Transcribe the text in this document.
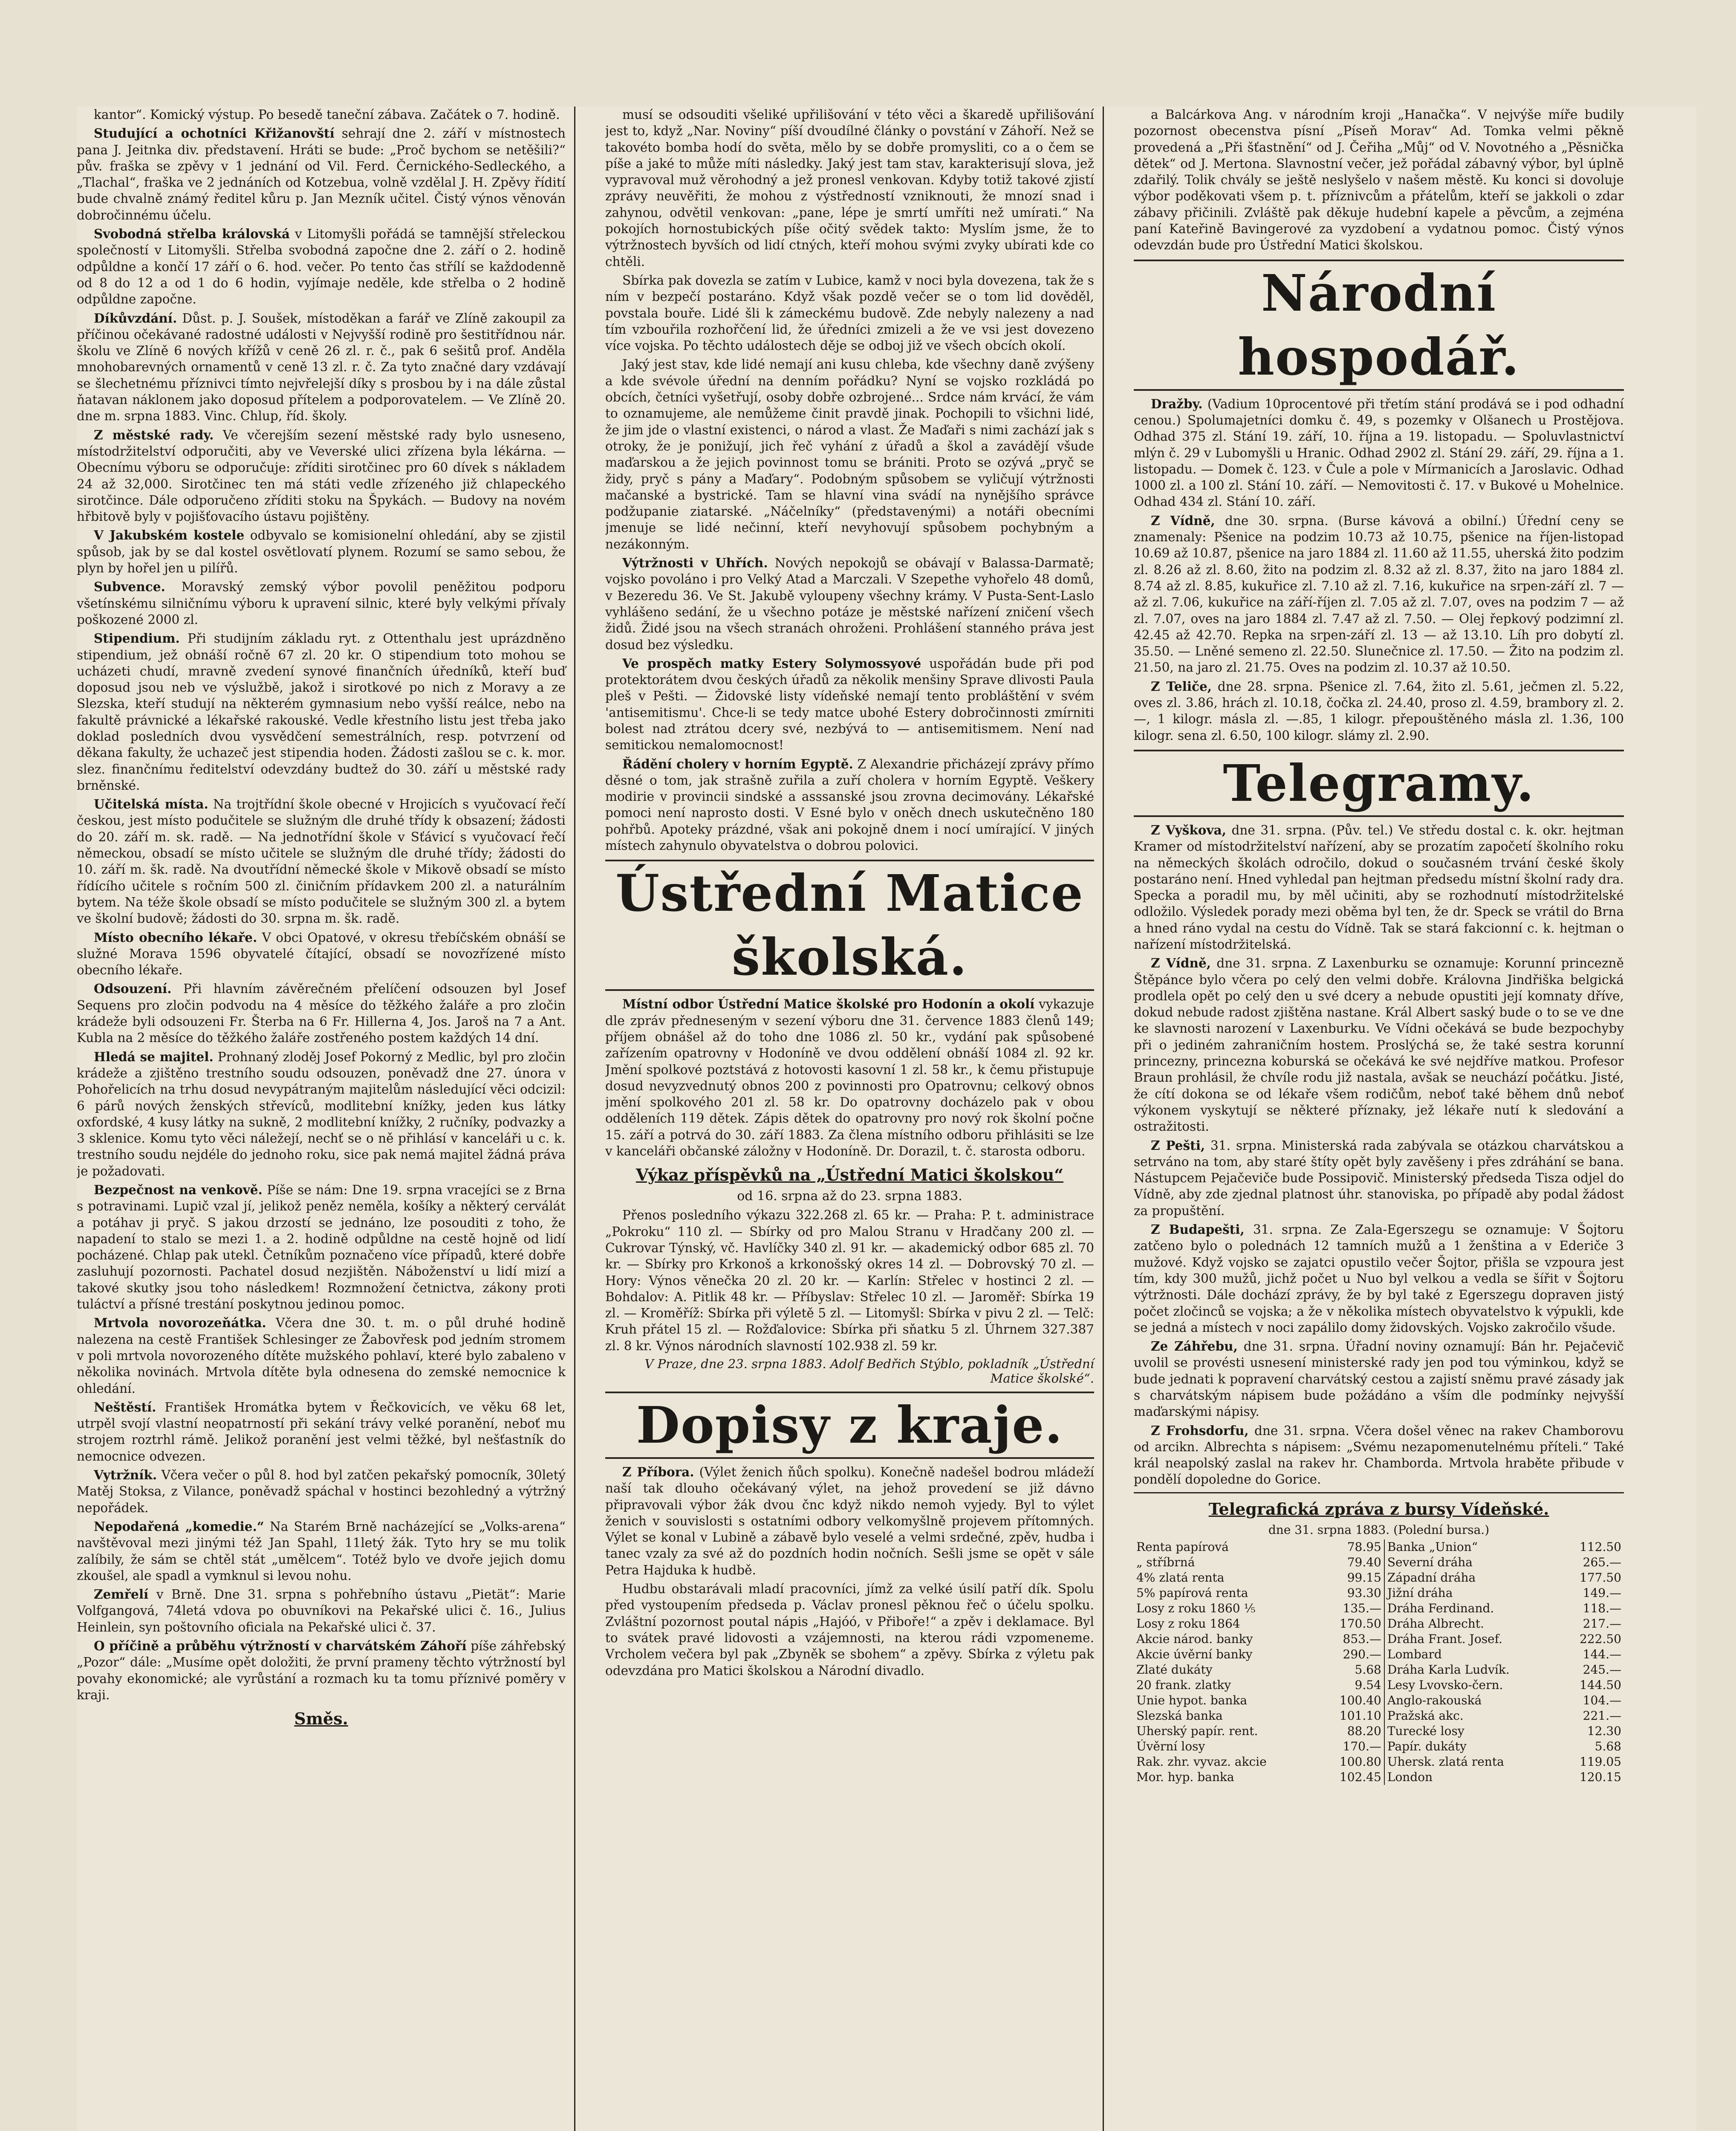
kantor“. Komický výstup. Po besedě taneční zábava. Začátek o 7. hodině.

Studující a ochotníci Křižanovští sehrají dne 2. září v místnostech pana J. Jeitnka div. představení. Hráti se bude: „Proč bychom se netěšili?“ pův. fraška se zpěvy v 1 jednání od Vil. Ferd. Černického-Sedleckého, a „Tlachal“, fraška ve 2 jednáních od Kotzebua, volně vzdělal J. H. Zpěvy řídití bude chvalně známý ředitel kůru p. Jan Mezník učitel. Čistý výnos věnován dobročinnému účelu.

Svobodná střelba královská v Litomyšli pořádá se tamnější střeleckou společností v Litomyšli. Střelba svobodná započne dne 2. září o 2. hodině odpůldne a končí 17 září o 6. hod. večer. Po tento čas střílí se každodenně od 8 do 12 a od 1 do 6 hodin, vyjímaje neděle, kde střelba o 2 hodině odpůldne započne.

Díkůvzdání. Důst. p. J. Soušek, místoděkan a farář ve Zlíně zakoupil za příčinou očekávané radostné události v Nejvyšší rodině pro šestitřídnou nár. školu ve Zlíně 6 nových křížů v ceně 26 zl. r. č., pak 6 sešitů prof. Anděla mnohobarevných ornamentů v ceně 13 zl. r. č. Za tyto značné dary vzdávají se šlechetnému příznivci tímto nejvřelejší díky s prosbou by i na dále zůstal ňatavan náklonem jako doposud přítelem a podporovatelem. — Ve Zlíně 20. dne m. srpna 1883. Vinc. Chlup, říd. školy.

Z městské rady. Ve včerejším sezení městské rady bylo usneseno, místodržitelství odporučiti, aby ve Veverské ulici zřízena byla lékárna. — Obecnímu výboru se odporučuje: zříditi sirotčinec pro 60 dívek s nákladem 24 až 32,000. Sirotčinec ten má státi vedle zřízeného již chlapeckého sirotčince. Dále odporučeno zříditi stoku na Špykách. — Budovy na novém hřbitově byly v pojišťovacího ústavu pojištěny.

V Jakubském kostele odbyvalo se komisionelní ohledání, aby se zjistil spůsob, jak by se dal kostel osvětlovatí plynem. Rozumí se samo sebou, že plyn by hořel jen u pilířů.

Subvence. Moravský zemský výbor povolil peněžitou podporu všetínskému silničnímu výboru k upravení silnic, které byly velkými přívaly poškozené 2000 zl.

Stipendium. Při studijním základu ryt. z Ottenthalu jest uprázdněno stipendium, jež obnáší ročně 67 zl. 20 kr. O stipendium toto mohou se ucházeti chudí, mravně zvedení synové finančních úředníků, kteří buď doposud jsou neb ve výslužbě, jakož i sirotkové po nich z Moravy a ze Slezska, kteří studují na některém gymnasium nebo vyšší reálce, nebo na fakultě právnické a lékařské rakouské. Vedle křestního listu jest třeba jako doklad posledních dvou vysvědčení semestrálních, resp. potvrzení od děkana fakulty, že uchazeč jest stipendia hoden. Žádosti zašlou se c. k. mor. slez. finančnímu ředitelství odevzdány budtež do 30. září u městské rady brněnské.

Učitelská místa. Na trojtřídní škole obecné v Hrojicích s vyučovací řečí českou, jest místo podučitele se služným dle druhé třídy k obsazení; žádosti do 20. září m. sk. radě. — Na jednotřídní škole v Sťávicí s vyučovací řečí německou, obsadí se místo učitele se služným dle druhé třídy; žádosti do 10. září m. šk. radě. Na dvoutřídní německé škole v Mikově obsadí se místo řídícího učitele s ročním 500 zl. činičním přídavkem 200 zl. a naturálním bytem. Na téže škole obsadí se místo podučitele se služným 300 zl. a bytem ve školní budově; žádosti do 30. srpna m. šk. radě.

Místo obecního lékaře. V obci Opatové, v okresu třebíčském obnáší se služné Morava 1596 obyvatelé čítající, obsadí se novozřízené místo obecního lékaře.

Odsouzení. Při hlavním závěrečném přelíčení odsouzen byl Josef Sequens pro zločin podvodu na 4 měsíce do těžkého žaláře a pro zločin krádeže byli odsouzeni Fr. Šterba na 6 Fr. Hillerna 4, Jos. Jaroš na 7 a Ant. Kubla na 2 měsíce do těžkého žaláře zostřeného postem každých 14 dní.

Hledá se majitel. Prohnaný zloděj Josef Pokorný z Medlic, byl pro zločin krádeže a zjištěno trestního soudu odsouzen, poněvadž dne 27. února v Pohořelicích na trhu dosud nevypátraným majitelům následující věci odcizil: 6 párů nových ženských střevíců, modlitební knížky, jeden kus látky oxfordské, 4 kusy látky na sukně, 2 modlitební knížky, 2 ručníky, podvazky a 3 sklenice. Komu tyto věci náležejí, nechť se o ně přihlásí v kanceláři u c. k. trestního soudu nejdéle do jednoho roku, sice pak nemá majitel žádná práva je požadovati.

Bezpečnost na venkově. Píše se nám: Dne 19. srpna vracejíci se z Brna s potravinami. Lupič vzal jí, jelikož peněz neměla, košíky a některý cerválát a potáhav ji pryč. S jakou drzostí se jednáno, lze posouditi z toho, že napadení to stalo se mezi 1. a 2. hodině odpůldne na cestě hojně od lidí pocházené. Chlap pak utekl. Četníkům poznačeno více případů, které dobře zasluhují pozornosti. Pachatel dosud nezjištěn. Náboženství u lidí mizí a takové skutky jsou toho následkem! Rozmnožení četnictva, zákony proti tuláctví a přísné trestání poskytnou jedinou pomoc.

Mrtvola novorozeňátka. Včera dne 30. t. m. o půl druhé hodině nalezena na cestě František Schlesinger ze Žabovřesk pod jedním stromem v poli mrtvola novorozeného dítěte mužského pohlaví, které bylo zabaleno v několika novinách. Mrtvola dítěte byla odnesena do zemské nemocnice k ohledání.

Neštěstí. František Hromátka bytem v Řečkovicích, ve věku 68 let, utrpěl svojí vlastní neopatrností při sekání trávy velké poranění, neboť mu strojem roztrhl rámě. Jelikož poranění jest velmi těžké, byl nešťastník do nemocnice odvezen.

Vytržník. Včera večer o půl 8. hod byl zatčen pekařský pomocník, 30letý Matěj Stoksa, z Vilance, poněvadž spáchal v hostinci bezohledný a výtržný nepořádek.

Nepodařená „komedie.“ Na Starém Brně nacházející se „Volks-arena“ navštěvoval mezi jinými též Jan Spahl, 11letý žák. Tyto hry se mu tolik zalíbily, že sám se chtěl stát „umělcem“. Totéž bylo ve dvoře jejich domu zkoušel, ale spadl a vymknul si levou nohu.

Zemřelí v Brně. Dne 31. srpna s pohřebního ústavu „Pietät“: Marie Volfgangová, 74letá vdova po obuvníkovi na Pekařské ulici č. 16., Julius Heinlein, syn poštovního oficiala na Pekařské ulici č. 37.

O příčině a průběhu výtržností v charvátském Záhoří píše záhřebský „Pozor“ dále: „Musíme opět doložiti, že první prameny těchto výtržností byl povahy ekonomické; ale vyrůstání a rozmach ku ta tomu příznivé poměry v kraji.

Směs.

musí se odsouditi všeliké upřilišování v této věci a škaredě upřilišování jest to, když „Nar. Noviny“ píší dvoudílné články o povstání v Záhoří. Než se takovéto bomba hodí do světa, mělo by se dobře promysliti, co a o čem se píše a jaké to může míti následky. Jaký jest tam stav, karakterisují slova, jež vypravoval muž věrohodný a jež pronesl venkovan. Kdyby totiž takové zjistí zprávy neuvěřiti, že mohou z výstředností vzniknouti, že mnozí snad i zahynou, odvětil venkovan: „pane, lépe je smrtí umříti než umírati.“ Na pokojích hornostubických píše očitý svědek takto: Myslím jsme, že to výtržnostech byvších od lidí ctných, kteří mohou svými zvyky ubírati kde co chtěli.

Sbírka pak dovezla se zatím v Lubice, kamž v noci byla dovezena, tak že s ním v bezpečí postaráno. Když však pozdě večer se o tom lid dověděl, povstala bouře. Lidé šli k zámeckému budově. Zde nebyly nalezeny a nad tím vzbouřila rozhořčení lid, že úředníci zmizeli a že ve vsi jest dovezeno více vojska. Po těchto událostech děje se odboj již ve všech obcích okolí.

Jaký jest stav, kde lidé nemají ani kusu chleba, kde všechny daně zvýšeny a kde svévole úřední na denním pořádku? Nyní se vojsko rozkládá po obcích, četníci vyšetřují, osoby dobře ozbrojené... Srdce nám krvácí, že vám to oznamujeme, ale nemůžeme činit pravdě jinak. Pochopili to všichni lidé, že jim jde o vlastní existenci, o národ a vlast. Že Maďaři s nimi zachází jak s otroky, že je ponižují, jich řeč vyhání z úřadů a škol a zavádějí všude maďarskou a že jejich povinnost tomu se brániti. Proto se ozývá „pryč se židy, pryč s pány a Maďary“. Podobným spůsobem se vyličují výtržnosti mačanské a bystrické. Tam se hlavní vina svádí na nynějšího správce podžupanie ziatarské. „Náčelníky“ (představenými) a notáři obecními jmenuje se lidé nečinní, kteří nevyhovují spůsobem pochybným a nezákonným.

Výtržnosti v Uhřích. Nových nepokojů se obávají v Balassa-Darmatě; vojsko povoláno i pro Velký Atad a Marczali. V Szepethe vyhořelo 48 domů, v Bezeredu 36. Ve St. Jakubě vyloupeny všechny krámy. V Pusta-Sent-Laslo vyhlášeno sedání, že u všechno potáze je městské nařízení zničení všech židů. Židé jsou na všech stranách ohroženi. Prohlášení stanného práva jest dosud bez výsledku.

Ve prospěch matky Estery Solymossyové uspořádán bude při pod protektorátem dvou českých úřadů za několik menšiny Sprave dlivosti Paula pleš v Pešti. — Židovské listy vídeňské nemají tento probláštění v svém 'antisemitismu'. Chce-li se tedy matce ubohé Estery dobročinnosti zmírniti bolest nad ztrátou dcery své, nezbývá to — antisemitismem. Není nad semitickou nemalomocnost!

Řádění cholery v horním Egyptě. Z Alexandrie přicházejí zprávy přímo děsné o tom, jak strašně zuřila a zuří cholera v horním Egyptě. Veškery modirie v provincii sindské a asssanské jsou zrovna decimovány. Lékařské pomoci není naprosto dosti. V Esné bylo v oněch dnech uskutečněno 180 pohřbů. Apoteky prázdné, však ani pokojně dnem i nocí umírající. V jiných místech zahynulo obyvatelstva o dobrou polovici.

Ústřední Matice školská.

Místní odbor Ústřední Matice školské pro Hodonín a okolí vykazuje dle zpráv předneseným v sezení výboru dne 31. července 1883 členů 149; příjem obnášel až do toho dne 1086 zl. 50 kr., vydání pak spůsobené zařízením opatrovny v Hodoníně ve dvou oddělení obnáší 1084 zl. 92 kr. Jmění spolkové poztstává z hotovosti kasovní 1 zl. 58 kr., k čemu přistupuje dosud nevyzvednutý obnos 200 z povinnosti pro Opatrovnu; celkový obnos jmění spolkového 201 zl. 58 kr. Do opatrovny docházelo pak v obou odděleních 119 dětek. Zápis dětek do opatrovny pro nový rok školní počne 15. září a potrvá do 30. září 1883. Za člena místního odboru přihlásiti se lze v kanceláři občanské záložny v Hodoníně. Dr. Dorazil, t. č. starosta odboru.

Výkaz příspěvků na „Ústřední Matici školskou“
od 16. srpna až do 23. srpna 1883.

Přenos posledního výkazu 322.268 zl. 65 kr. — Praha: P. t. administrace „Pokroku“ 110 zl. — Sbírky od pro Malou Stranu v Hradčany 200 zl. — Cukrovar Týnský, vč. Havlíčky 340 zl. 91 kr. — akademický odbor 685 zl. 70 kr. — Sbírky pro Krkonoš a krkonošský okres 14 zl. — Dobrovský 70 zl. — Hory: Výnos věnečka 20 zl. 20 kr. — Karlín: Střelec v hostinci 2 zl. — Bohdalov: A. Pitlik 48 kr. — Příbyslav: Střelec 10 zl. — Jaroměř: Sbírka 19 zl. — Kroměříž: Sbírka při výletě 5 zl. — Litomyšl: Sbírka v pivu 2 zl. — Telč: Kruh přátel 15 zl. — Rožďalovice: Sbírka při sňatku 5 zl. Úhrnem 327.387 zl. 8 kr. Výnos národních slavností 102.938 zl. 59 kr.

V Praze, dne 23. srpna 1883. Adolf Bedřich Stýblo, pokladník „Ústřední Matice školské“.
Dopisy z kraje.

Z Příbora. (Výlet ženich ňůch spolku). Konečně nadešel bodrou mládeží naší tak dlouho očekávaný výlet, na jehož provedení se již dávno připravovali výbor žák dvou čnc když nikdo nemoh vyjedy. Byl to výlet ženich v souvislosti s ostatními odbory velkomyšlně projevem přítomných. Výlet se konal v Lubině a zábavě bylo veselé a velmi srdečné, zpěv, hudba i tanec vzaly za své až do pozdních hodin nočních. Sešli jsme se opět v sále Petra Hajduka k hudbě.

Hudbu obstarávali mladí pracovníci, jímž za velké úsilí patří dík. Spolu před vystoupením předseda p. Václav pronesl pěknou řeč o účelu spolku. Zvláštní pozornost poutal nápis „Hajóó, v Přiboře!“ a zpěv i deklamace. Byl to svátek pravé lidovosti a vzájemnosti, na kterou rádi vzpomeneme. Vrcholem večera byl pak „Zbyněk se sbohem“ a zpěvy. Sbírka z výletu pak odevzdána pro Matici školskou a Národní divadlo.

a Balcárkova Ang. v národním kroji „Hanačka“. V nejvýše míře budily pozornost obecenstva písní „Píseň Morav“ Ad. Tomka velmi pěkně provedená a „Při šťastnění“ od J. Čeřiha „Můj“ od V. Novotného a „Pěsnička dětek“ od J. Mertona. Slavnostní večer, jež pořádal zábavný výbor, byl úplně zdařilý. Tolik chvály se ještě neslyšelo v našem městě. Ku konci si dovoluje výbor poděkovati všem p. t. příznivcům a přátelům, kteří se jakkoli o zdar zábavy přičinili. Zvláště pak děkuje hudební kapele a pěvcům, a zejména paní Kateřině Bavingerové za vyzdobení a vydatnou pomoc. Čistý výnos odevzdán bude pro Ústřední Matici školskou.

Národní hospodář.

Dražby. (Vadium 10procentové při třetím stání prodává se i pod odhadní cenou.) Spolumajetníci domku č. 49, s pozemky v Olšanech u Prostějova. Odhad 375 zl. Stání 19. září, 10. října a 19. listopadu. — Spoluvlastnictví mlýn č. 29 v Lubomyšli u Hranic. Odhad 2902 zl. Stání 29. září, 29. října a 1. listopadu. — Domek č. 123. v Čule a pole v Mírmanicích a Jaroslavic. Odhad 1000 zl. a 100 zl. Stání 10. září. — Nemovitosti č. 17. v Bukové u Mohelnice. Odhad 434 zl. Stání 10. září.

Z Vídně, dne 30. srpna. (Burse kávová a obilní.) Úřední ceny se znamenaly: Pšenice na podzim 10.73 až 10.75, pšenice na říjen-listopad 10.69 až 10.87, pšenice na jaro 1884 zl. 11.60 až 11.55, uherská žito podzim zl. 8.26 až zl. 8.60, žito na podzim zl. 8.32 až zl. 8.37, žito na jaro 1884 zl. 8.74 až zl. 8.85, kukuřice zl. 7.10 až zl. 7.16, kukuřice na srpen-září zl. 7 — až zl. 7.06, kukuřice na září-říjen zl. 7.05 až zl. 7.07, oves na podzim 7 — až zl. 7.07, oves na jaro 1884 zl. 7.47 až zl. 7.50. — Olej řepkový podzimní zl. 42.45 až 42.70. Repka na srpen-září zl. 13 — až 13.10. Líh pro dobytí zl. 35.50. — Lněné semeno zl. 22.50. Slunečnice zl. 17.50. — Žito na podzim zl. 21.50, na jaro zl. 21.75. Oves na podzim zl. 10.37 až 10.50.

Z Teliče, dne 28. srpna. Pšenice zl. 7.64, žito zl. 5.61, ječmen zl. 5.22, oves zl. 3.86, hrách zl. 10.18, čočka zl. 24.40, proso zl. 4.59, brambory zl. 2.—, 1 kilogr. másla zl. —.85, 1 kilogr. přepouštěného másla zl. 1.36, 100 kilogr. sena zl. 6.50, 100 kilogr. slámy zl. 2.90.

Telegramy.

Z Vyškova, dne 31. srpna. (Pův. tel.) Ve středu dostal c. k. okr. hejtman Kramer od místodržitelství nařízení, aby se prozatím započetí školního roku na německých školách odročilo, dokud o současném trvání české školy postaráno není. Hned vyhledal pan hejtman předsedu místní školní rady dra. Specka a poradil mu, by měl učiniti, aby se rozhodnutí místodržitelské odložilo. Výsledek porady mezi oběma byl ten, že dr. Speck se vrátil do Brna a hned ráno vydal na cestu do Vídně. Tak se stará fakcionní c. k. hejtman o nařízení místodržitelská.

Z Vídně, dne 31. srpna. Z Laxenburku se oznamuje: Korunní princezně Štěpánce bylo včera po celý den velmi dobře. Královna Jindřiška belgická prodlela opět po celý den u své dcery a nebude opustiti její komnaty dříve, dokud nebude radost zjištěna nastane. Král Albert saský bude o to se ve dne ke slavnosti narození v Laxenburku. Ve Vídni očekává se bude bezpochyby při o jediném zahraničním hostem. Proslýchá se, že také sestra korunní princezny, princezna koburská se očekává ke své nejdříve matkou. Profesor Braun prohlásil, že chvíle rodu již nastala, avšak se neuchází počátku. Jisté, že cítí dokona se od lékaře všem rodičům, neboť také během dnů neboť výkonem vyskytují se některé příznaky, jež lékaře nutí k sledování a ostražitosti.

Z Pešti, 31. srpna. Ministerská rada zabývala se otázkou charvátskou a setrváno na tom, aby staré štíty opět byly zavěšeny i přes zdráhání se bana. Nástupcem Pejačeviče bude Possipovič. Ministerský předseda Tisza odjel do Vídně, aby zde zjednal platnost úhr. stanoviska, po případě aby podal žádost za propuštění.

Z Budapešti, 31. srpna. Ze Zala-Egerszegu se oznamuje: V Šojtoru zatčeno bylo o polednách 12 tamních mužů a 1 ženština a v Ederiče 3 mužové. Když vojsko se zajatci opustilo večer Šojtor, přišla se vzpoura jest tím, kdy 300 mužů, jichž počet u Nuo byl velkou a vedla se šířit v Šojtoru výtržnosti. Dále dochází zprávy, že by byl také z Egerszegu dopraven jistý počet zločinců se vojska; a že v několika místech obyvatelstvo k výpukli, kde se jedná a místech v noci zapálilo domy židovských. Vojsko zakročilo všude.

Ze Záhřebu, dne 31. srpna. Úřadní noviny oznamují: Bán hr. Pejačevič uvolil se provésti usnesení ministerské rady jen pod tou výminkou, když se bude jednati k popravení charvátský cestou a zajistí sněmu pravé zásady jak s charvátským nápisem bude požádáno a vším dle podmínky nejvyšší maďarskými nápisy.

Z Frohsdorfu, dne 31. srpna. Včera došel věnec na rakev Chamborovu od arcikn. Albrechta s nápisem: „Svému nezapomenutelnému příteli.“ Také král neapolský zaslal na rakev hr. Chamborda. Mrtvola hraběte přibude v pondělí dopoledne do Gorice.

Telegrafická zpráva z bursy Vídeňské.
dne 31. srpna 1883. (Polední bursa.)
Renta papírová	78.95	Banka „Union“	112.50
„ stříbrná	79.40	Severní dráha	265.—
4% zlatá renta	99.15	Západní dráha	177.50
5% papírová renta	93.30	Jižní dráha	149.—
Losy z roku 1860 ⅕	135.—	Dráha Ferdinand.	118.—
Losy z roku 1864	170.50	Dráha Albrecht.	217.—
Akcie národ. banky	853.—	Dráha Frant. Josef.	222.50
Akcie úvěrní banky	290.—	Lombard	144.—
Zlaté dukáty	5.68	Dráha Karla Ludvík.	245.—
20 frank. zlatky	9.54	Lesy Lvovsko-čern.	144.50
Unie hypot. banka	100.40	Anglo-rakouská	104.—
Slezská banka	101.10	Pražská akc.	221.—
Uherský papír. rent.	88.20	Turecké losy	12.30
Úvěrní losy	170.—	Papír. dukáty	5.68
Rak. zhr. vyvaz. akcie	100.80	Uhersk. zlatá renta	119.05
Mor. hyp. banka	102.45	London	120.15
